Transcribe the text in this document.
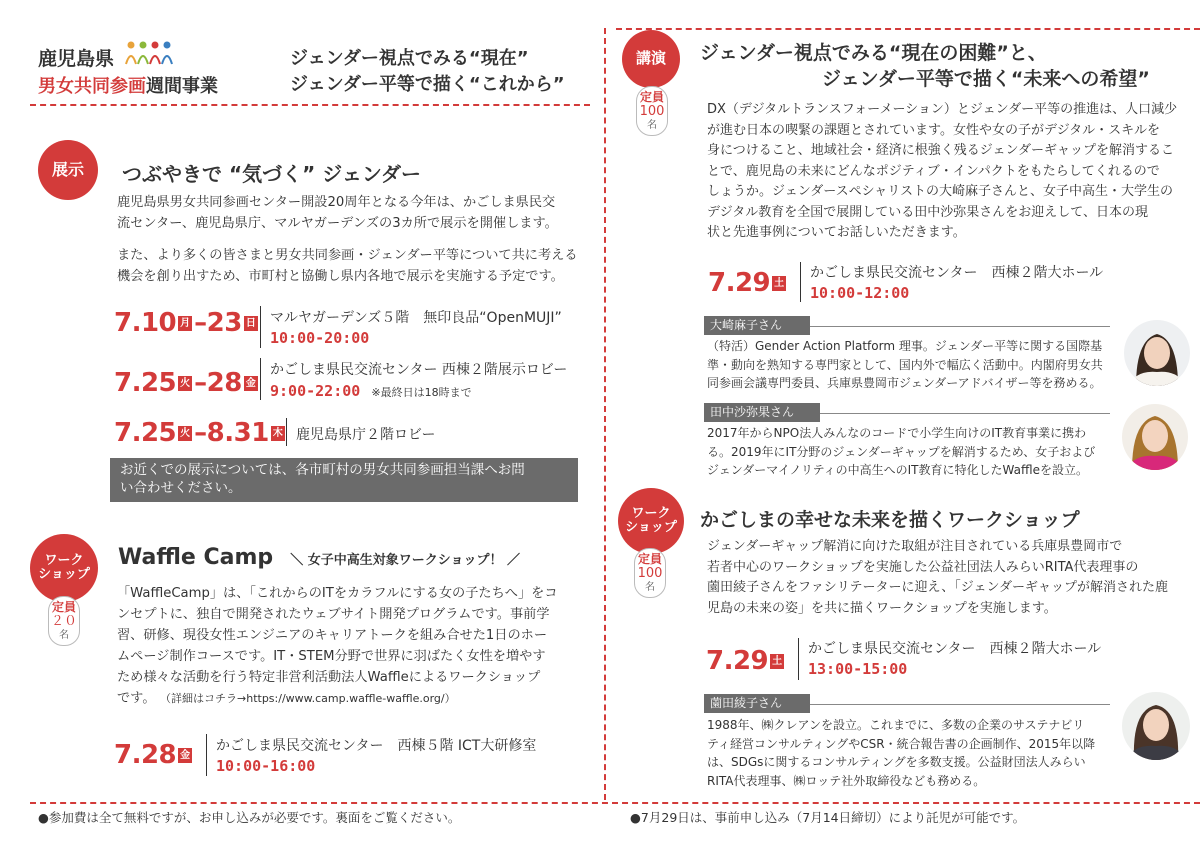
鹿児島県
男女共同参画週間事業
ジェンダー視点でみる“現在”
ジェンダー平等で描く“これから”
展示	つぶやきで “気づく” ジェンダー
鹿児島県男女共同参画センター開設20周年となる今年は、かごしま県民交
流センター、鹿児島県庁、マルヤガーデンズの3カ所で展示を開催します。
また、より多くの皆さまと男女共同参画・ジェンダー平等について共に考える
機会を創り出すため、市町村と協働し県内各地で展示を実施する予定です。
7.10 月 –23 日 マルヤガーデンズ５階　無印良品“OpenMUJI”
10:00-20:00
7.25 火 –28 金
かごしま県民交流センター 西棟２階展示ロビー
9:00-22:00 ※最終日は18時まで
7.25 火 –8.31 木 鹿児島県庁２階ロビー
お近くでの展示については、各市町村の男女共同参画担当課へお問
い合わせください。
ワーク
ショップ
定員
２０
名
Waffle Camp ＼ 女子中高生対象ワークショップ！ ／
「WaffleCamp」は、「これからのITをカラフルにする女の子たちへ」をコ
ンセプトに、独自で開発されたウェブサイト開発プログラムです。事前学
習、研修、現役女性エンジニアのキャリアトークを組み合せた1日のホー
ムページ制作コースです。IT・STEM分野で世界に羽ばたく女性を増やす
ため様々な活動を行う特定非営利活動法人Waffleによるワークショップ
です。 （詳細はコチラ→https://www.camp.waffle-waffle.org/）
7.28 金
かごしま県民交流センター　西棟５階 ICT大研修室
10:00-16:00
講演
定員
100
名
ジェンダー視点でみる“現在の困難”と、
ジェンダー平等で描く“未来への希望”
DX（デジタルトランスフォーメーション）とジェンダー平等の推進は、人口減少
が進む日本の喫緊の課題とされています。女性や女の子がデジタル・スキルを
身につけること、地域社会・経済に根強く残るジェンダーギャップを解消するこ
とで、鹿児島の未来にどんなポジティブ・インパクトをもたらしてくれるので
しょうか。ジェンダースペシャリストの大崎麻子さんと、女子中高生・大学生の
デジタル教育を全国で展開している田中沙弥果さんをお迎えして、日本の現
状と先進事例についてお話しいただきます。
7.29 土
かごしま県民交流センター　西棟２階大ホール
10:00-12:00
大崎麻子さん
（特活）Gender Action Platform 理事。ジェンダー平等に関する国際基
準・動向を熟知する専門家として、国内外で幅広く活動中。内閣府男女共
同参画会議専門委員、兵庫県豊岡市ジェンダーアドバイザー等を務める。
田中沙弥果さん
2017年からNPO法人みんなのコードで小学生向けのIT教育事業に携わ
る。2019年にIT分野のジェンダーギャップを解消するため、女子および
ジェンダーマイノリティの中高生へのIT教育に特化したWaffleを設立。
ワーク
ショップ
定員
100
名
かごしまの幸せな未来を描くワークショップ
ジェンダーギャップ解消に向けた取組が注目されている兵庫県豊岡市で
若者中心のワークショップを実施した公益社団法人みらいRITA代表理事の
薗田綾子さんをファシリテーターに迎え、「ジェンダーギャップが解消された鹿
児島の未来の姿」を共に描くワークショップを実施します。
7.29 土
かごしま県民交流センター　西棟２階大ホール
13:00-15:00
薗田綾子さん
1988年、㈱クレアンを設立。これまでに、多数の企業のサステナビリ
ティ経営コンサルティングやCSR・統合報告書の企画制作、2015年以降
は、SDGsに関するコンサルティングを多数支援。公益財団法人みらい
RITA代表理事、㈱ロッテ社外取締役なども務める。
●参加費は全て無料ですが、お申し込みが必要です。裏面をご覧ください。	●7月29日は、事前申し込み（7月14日締切）により託児が可能です。
